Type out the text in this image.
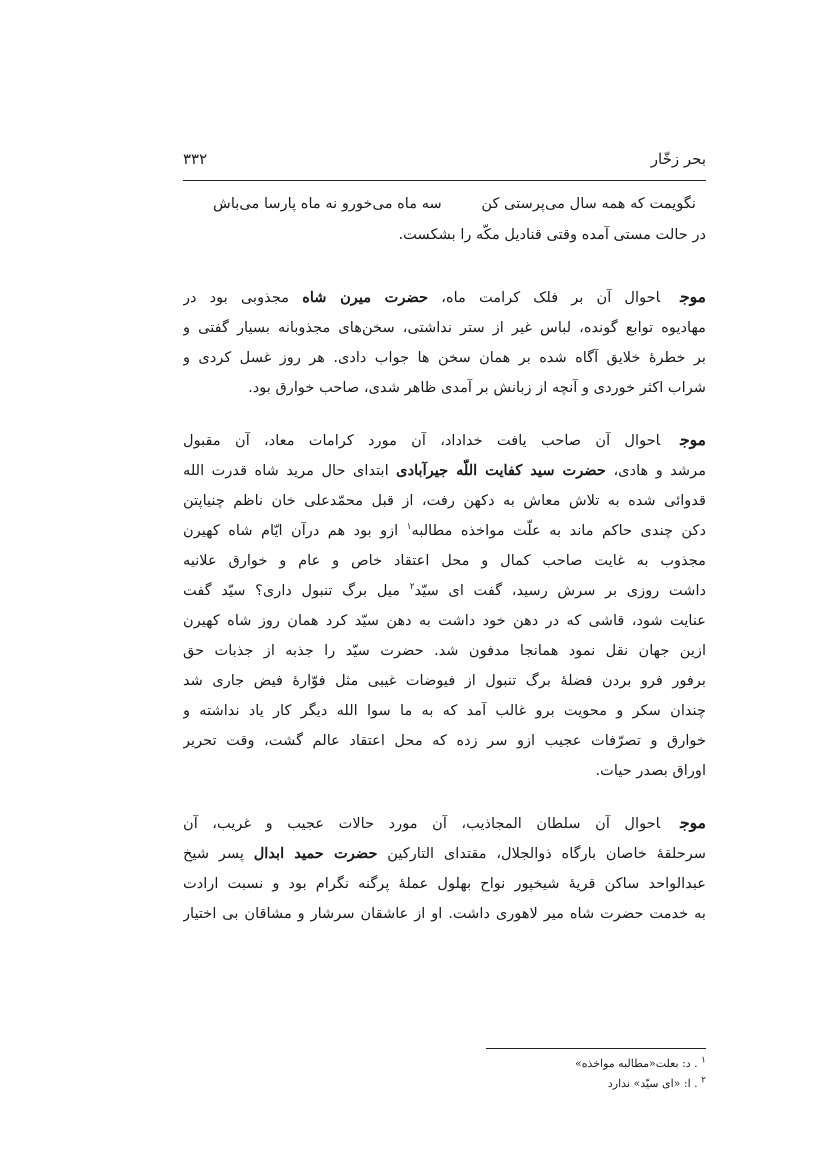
بحر زخّار
۳۳۲
نگویمت که همه سال می‌پرستی کن
سه ماه می‌خورو نه ماه پارسا می‌باش
در حالت مستی آمده وقتی قنادیل مکّه را بشکست.
موجاحوال آن بر فلک کرامت ماه، حضرت میرن شاه مجذوبی بود در
مهادیوه توابع گونده، لباس غیر از ستر نداشتی، سخن‌های مجذوبانه بسیار گفتی و
بر خطرهٔ خلایق آگاه شده بر همان سخن ها جواب دادی. هر روز غسل کردی و
شراب اکثر خوردی و آنچه از زبانش بر آمدی ظاهر شدی، صاحب خوارق بود.
موجاحوال آن صاحب یافت خداداد، آن مورد کرامات معاد، آن مقبول
مرشد و هادی، حضرت سید کفایت اللّه جیرآبادی ابتدای حال مرید شاه قدرت الله
قدوائی شده به تلاش معاش به دکهن رفت، از قبل محمّدعلی خان ناظم چنیاپتن
دکن چندی حاکم ماند به علّت مواخذه مطالبه$^۱$ ازو بود هم درآن ایّام شاه کهیرن
مجذوب به غایت صاحب کمال و محل اعتقاد خاص و عام و خوارق علانیه
داشت روزی بر سرش رسید، گفت ای سیّد$^۲$ میل برگ تنبول داری؟ سیّد گفت
عنایت شود، قاشی که در دهن خود داشت به دهن سیّد کرد همان روز شاه کهیرن
ازین جهان نقل نمود همانجا مدفون شد. حضرت سیّد را جذبه از جذبات حق
برفور فرو بردن فضلهٔ برگ تنبول از فیوضات غیبی مثل فوّارهٔ فیض جاری شد
چندان سکر و محویت برو غالب آمد که به ما سوا الله دیگر کار یاد نداشته و
خوارق و تصرّفات عجیب ازو سر زده که محل اعتقاد عالم گشت، وقت تحریر
اوراق بصدر حیات.
موجاحوال آن سلطان المجاذیب، آن مورد حالات عجیب و غریب، آن
سرحلقهٔ خاصان بارگاه ذوالجلال، مقتدای التارکین حضرت حمید ابدال پسر شیخ
عبدالواحد ساکن قریهٔ شیخپور نواح بهلول عملهٔ پرگنه نگرام بود و نسبت ارادت
به خدمت حضرت شاه میر لاهوری داشت. او از عاشقان سرشار و مشاقان بی اختیار
$^۱$ . د: بعلت«مطالبه مواخذه»
$^۲$ . ا: «ای سیّد» ندارد
